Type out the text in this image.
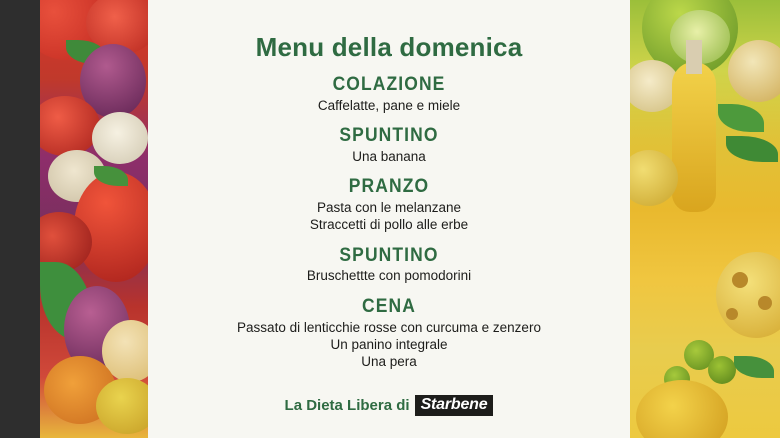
Menu della domenica

COLAZIONE

Caffelatte, pane e miele

SPUNTINO

Una banana

PRANZO

Pasta con le melanzane

Straccetti di pollo alle erbe

SPUNTINO

Bruschettte con pomodorini

CENA

Passato di lenticchie rosse con curcuma e zenzero

Un panino integrale

Una pera

La Dieta Libera di Starbene
